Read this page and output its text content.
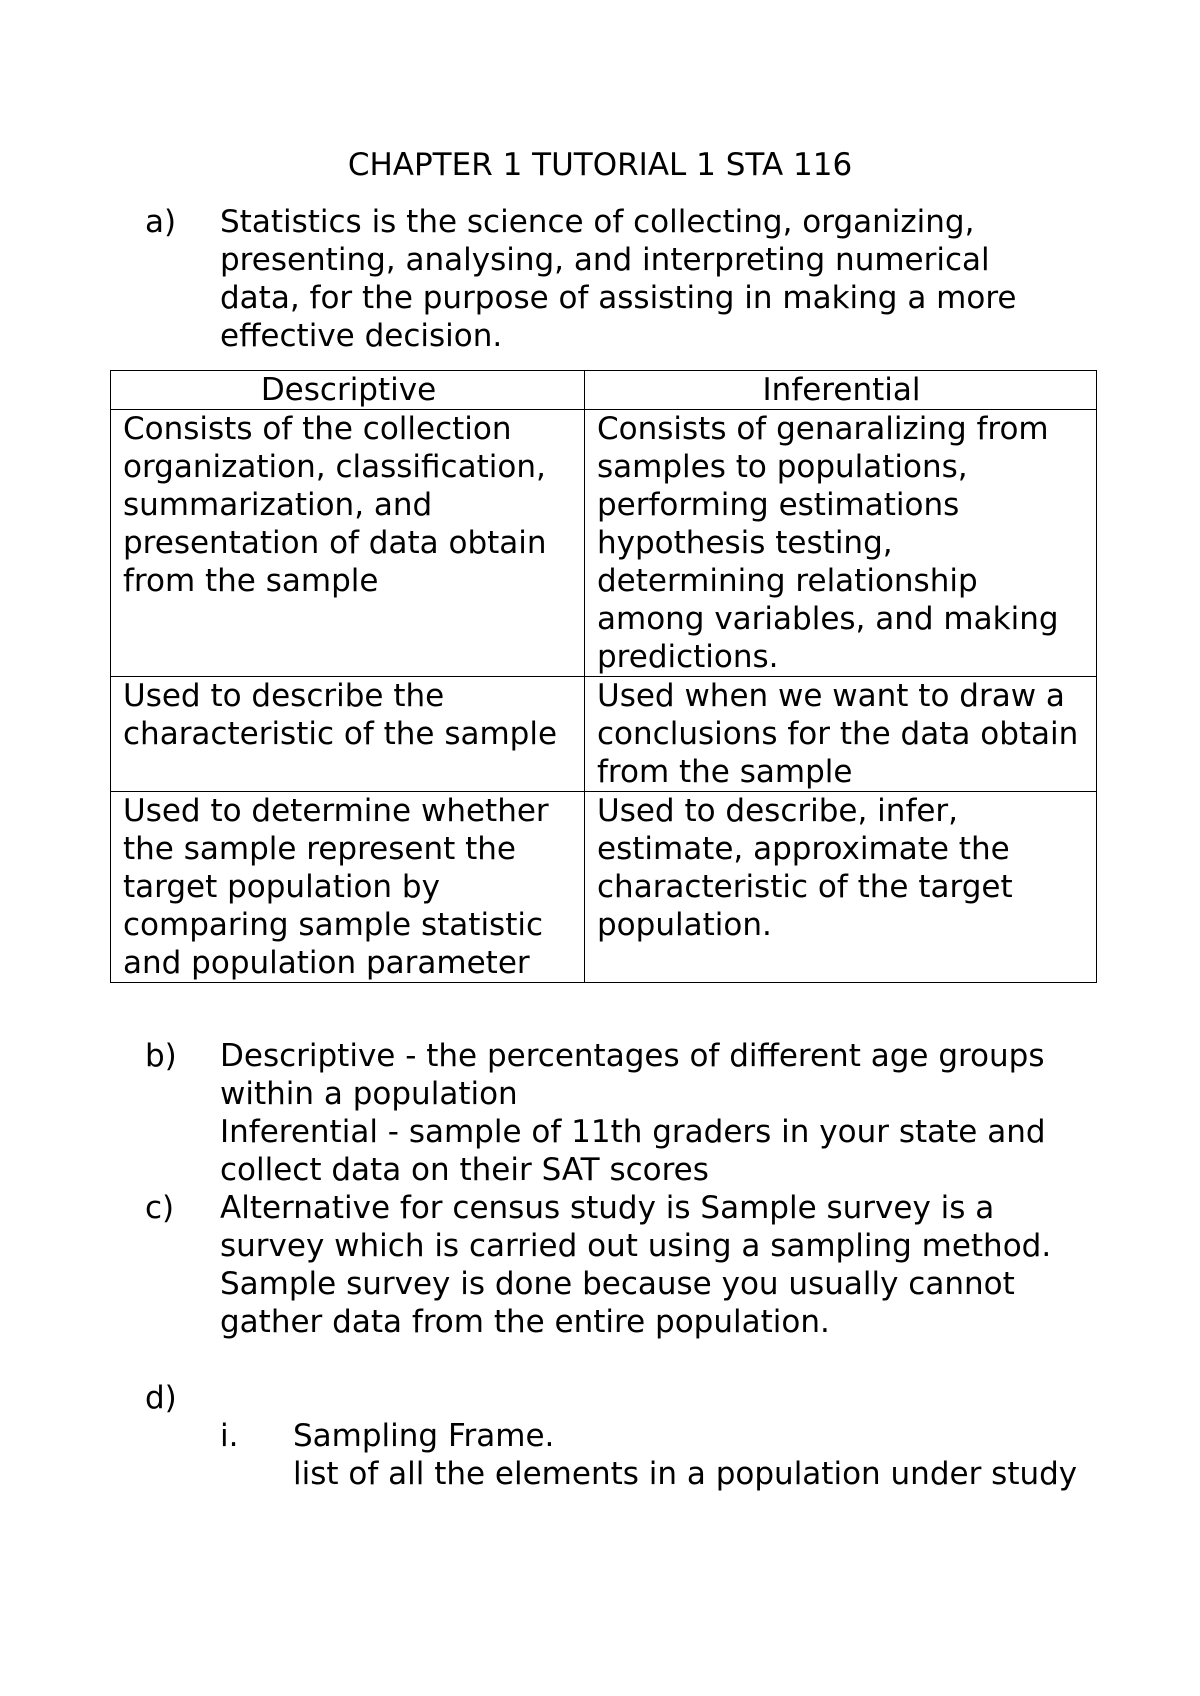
CHAPTER 1 TUTORIAL 1 STA 116
a)	Statistics is the science of collecting, organizing, presenting, analysing, and interpreting numerical data, for the purpose of assisting in making a more effective decision.

Descriptive	Inferential
Consists of the collection organization, classification, summarization, and presentation of data obtain from the sample	Consists of genaralizing from samples to populations, performing estimations hypothesis testing, determining relationship among variables, and making predictions.
Used to describe the characteristic of the sample	Used when we want to draw a conclusions for the data obtain from the sample
Used to determine whether the sample represent the target population by comparing sample statistic and population parameter	Used to describe, infer, estimate, approximate the characteristic of the target population.
b)	Descriptive - the percentages of different age groups within a population

Inferential - sample of 11th graders in your state and collect data on their SAT scores

c)	Alternative for census study is Sample survey is a survey which is carried out using a sampling method. Sample survey is done because you usually cannot gather data from the entire population.

d)
i.	Sampling Frame.

list of all the elements in a population under study
